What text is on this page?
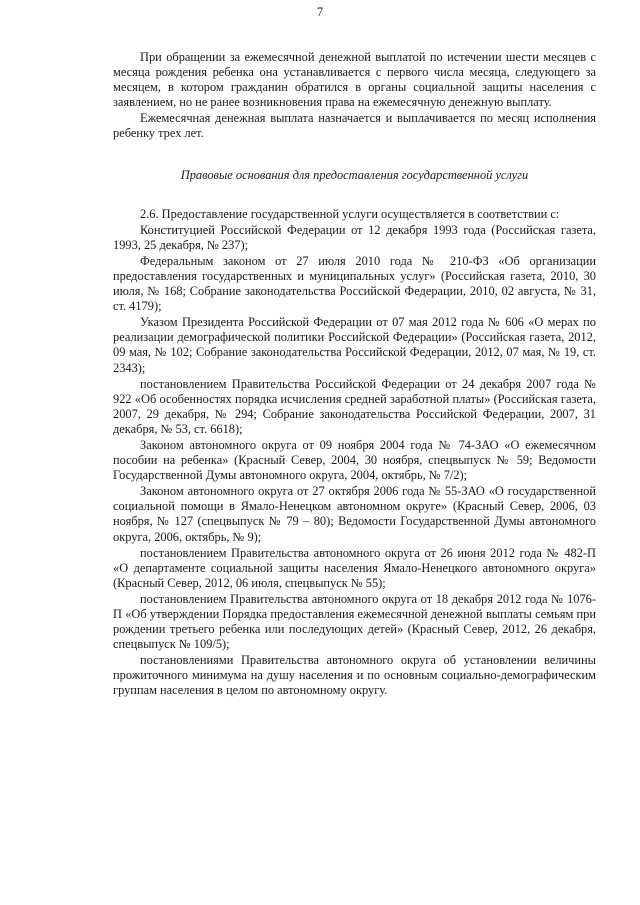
7

При обращении за ежемесячной денежной выплатой по истечении шести месяцев с месяца рождения ребенка она устанавливается с первого числа месяца, следующего за месяцем, в котором гражданин обратился в органы социальной защиты населения с заявлением, но не ранее возникновения права на ежемесячную денежную выплату.

Ежемесячная денежная выплата назначается и выплачивается по месяц исполнения ребенку трех лет.

Правовые основания для предоставления государственной услуги

2.6. Предоставление государственной услуги осуществляется в соответствии с:

Конституцией Российской Федерации от 12 декабря 1993 года (Российская газета, 1993, 25 декабря, № 237);

Федеральным законом от 27 июля 2010 года № 210-ФЗ «Об организации предоставления государственных и муниципальных услуг» (Российская газета, 2010, 30 июля, № 168; Собрание законодательства Российской Федерации, 2010, 02 августа, № 31, ст. 4179);

Указом Президента Российской Федерации от 07 мая 2012 года № 606 «О мерах по реализации демографической политики Российской Федерации» (Российская газета, 2012, 09 мая, № 102; Собрание законодательства Российской Федерации, 2012, 07 мая, № 19, ст. 2343);

постановлением Правительства Российской Федерации от 24 декабря 2007 года № 922 «Об особенностях порядка исчисления средней заработной платы» (Российская газета, 2007, 29 декабря, № 294; Собрание законодательства Российской Федерации, 2007, 31 декабря, № 53, ст. 6618);

Законом автономного округа от 09 ноября 2004 года № 74-ЗАО «О ежемесячном пособии на ребенка» (Красный Север, 2004, 30 ноября, спецвыпуск № 59; Ведомости Государственной Думы автономного округа, 2004, октябрь, № 7/2);

Законом автономного округа от 27 октября 2006 года № 55-ЗАО «О государственной социальной помощи в Ямало-Ненецком автономном округе» (Красный Север, 2006, 03 ноября, № 127 (спецвыпуск № 79 – 80); Ведомости Государственной Думы автономного округа, 2006, октябрь, № 9);

постановлением Правительства автономного округа от 26 июня 2012 года № 482-П «О департаменте социальной защиты населения Ямало-Ненецкого автономного округа» (Красный Север, 2012, 06 июля, спецвыпуск № 55);

постановлением Правительства автономного округа от 18 декабря 2012 года № 1076-П «Об утверждении Порядка предоставления ежемесячной денежной выплаты семьям при рождении третьего ребенка или последующих детей» (Красный Север, 2012, 26 декабря, спецвыпуск № 109/5);

постановлениями Правительства автономного округа об установлении величины прожиточного минимума на душу населения и по основным социально-демографическим группам населения в целом по автономному округу.
